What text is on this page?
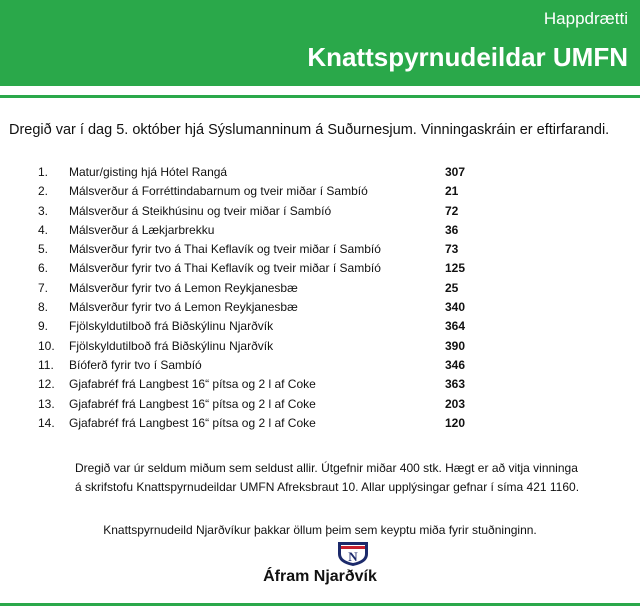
Happdrætti
Knattspyrnudeildar UMFN
Dregið var í dag 5. október hjá Sýslumanninum á Suðurnesjum. Vinningaskráin er eftirfarandi.
1.	Matur/gisting hjá Hótel Rangá	307
2.	Málsverður á Forréttindabarnum og tveir miðar í Sambíó	21
3.	Málsverður á Steikhúsinu og tveir miðar í Sambíó	72
4.	Málsverður á Lækjarbrekku	36
5.	Málsverður fyrir tvo á Thai Keflavík og tveir miðar í Sambíó	73
6.	Málsverður fyrir tvo á Thai Keflavík og tveir miðar í Sambíó	125
7.	Málsverður fyrir tvo á Lemon Reykjanesbæ	25
8.	Málsverður fyrir tvo á Lemon Reykjanesbæ	340
9.	Fjölskyldutilboð frá Biðskýlinu Njarðvík	364
10.	Fjölskyldutilboð frá Biðskýlinu Njarðvík	390
11.	Bíóferð fyrir tvo í Sambíó	346
12.	Gjafabréf frá Langbest 16“ pítsa og 2 l af Coke	363
13.	Gjafabréf frá Langbest 16“ pítsa og 2 l af Coke	203
14.	Gjafabréf frá Langbest 16“ pítsa og 2 l af Coke	120
Dregið var úr seldum miðum sem seldust allir. Útgefnir miðar 400 stk. Hægt er að vitja vinninga
á skrifstofu Knattspyrnudeildar UMFN Afreksbraut 10. Allar upplýsingar gefnar í síma 421 1160.
Knattspyrnudeild Njarðvíkur þakkar öllum þeim sem keyptu miða fyrir stuðninginn.
N
Áfram Njarðvík
